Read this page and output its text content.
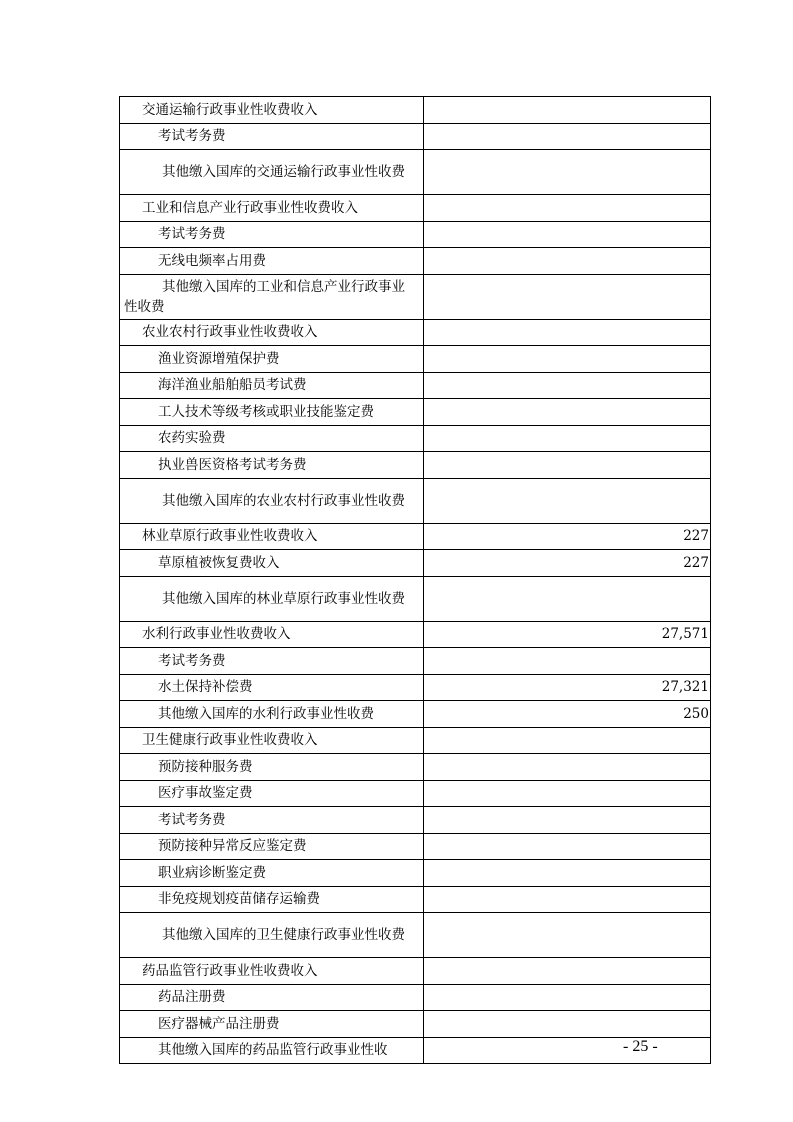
交通运输行政事业性收费收入	
考试考务费	
其他缴入国库的交通运输行政事业性收费	
工业和信息产业行政事业性收费收入	
考试考务费	
无线电频率占用费	
其他缴入国库的工业和信息产业行政事业性收费	
农业农村行政事业性收费收入	
渔业资源增殖保护费	
海洋渔业船舶船员考试费	
工人技术等级考核或职业技能鉴定费	
农药实验费	
执业兽医资格考试考务费	
其他缴入国库的农业农村行政事业性收费	
林业草原行政事业性收费收入	227
草原植被恢复费收入	227
其他缴入国库的林业草原行政事业性收费	
水利行政事业性收费收入	27,571
考试考务费	
水土保持补偿费	27,321
其他缴入国库的水利行政事业性收费	250
卫生健康行政事业性收费收入	
预防接种服务费	
医疗事故鉴定费	
考试考务费	
预防接种异常反应鉴定费	
职业病诊断鉴定费	
非免疫规划疫苗储存运输费	
其他缴入国库的卫生健康行政事业性收费	
药品监管行政事业性收费收入	
药品注册费	
医疗器械产品注册费	
其他缴入国库的药品监管行政事业性收		- 25 -
